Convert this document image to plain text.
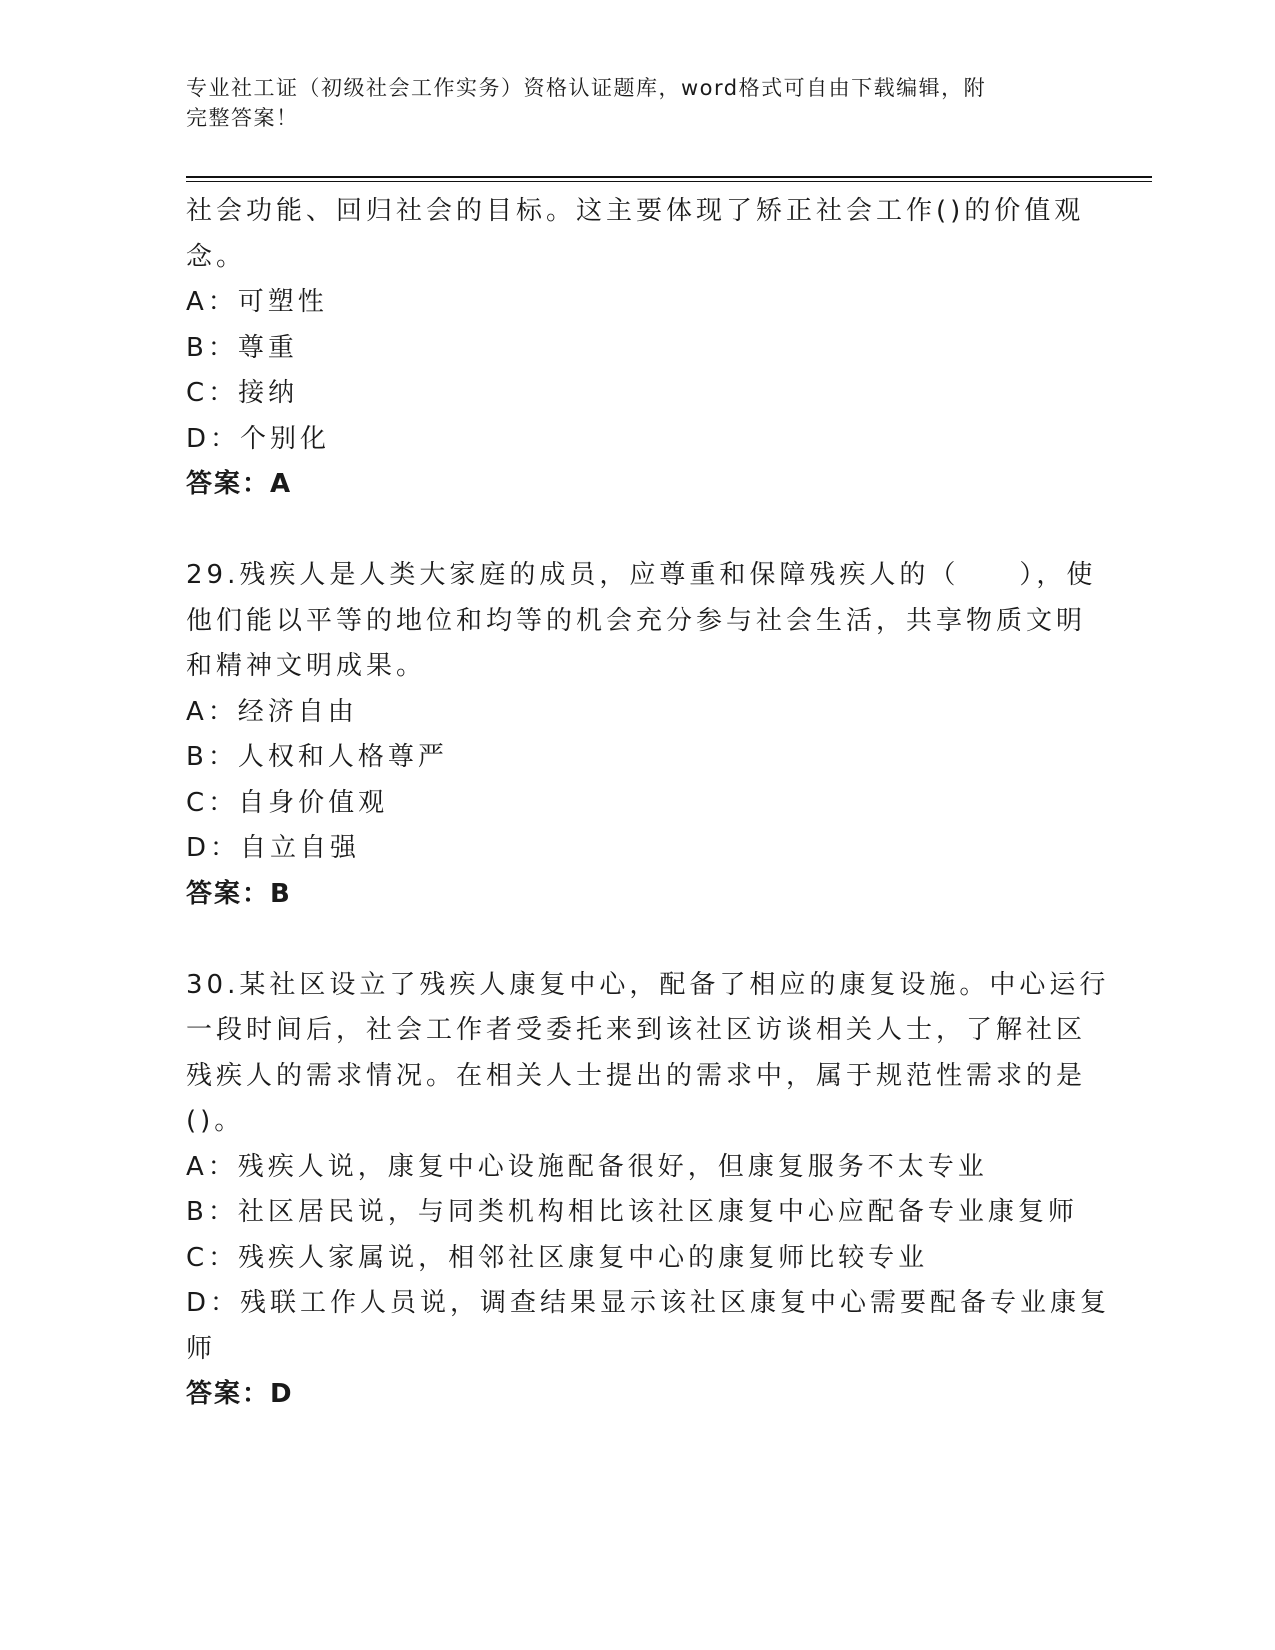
专业社工证（初级社会工作实务）资格认证题库，word格式可自由下载编辑，附
完整答案！
社会功能、回归社会的目标。这主要体现了矫正社会工作()的价值观
念。
A：可塑性
B：尊重
C：接纳
D：个别化
答案：A
29.残疾人是人类大家庭的成员，应尊重和保障残疾人的（　　），使
他们能以平等的地位和均等的机会充分参与社会生活，共享物质文明
和精神文明成果。
A：经济自由
B：人权和人格尊严
C：自身价值观
D：自立自强
答案：B
30.某社区设立了残疾人康复中心，配备了相应的康复设施。中心运行
一段时间后，社会工作者受委托来到该社区访谈相关人士，了解社区
残疾人的需求情况。在相关人士提出的需求中，属于规范性需求的是
()。
A：残疾人说，康复中心设施配备很好，但康复服务不太专业
B：社区居民说，与同类机构相比该社区康复中心应配备专业康复师
C：残疾人家属说，相邻社区康复中心的康复师比较专业
D：残联工作人员说，调查结果显示该社区康复中心需要配备专业康复
师
答案：D
